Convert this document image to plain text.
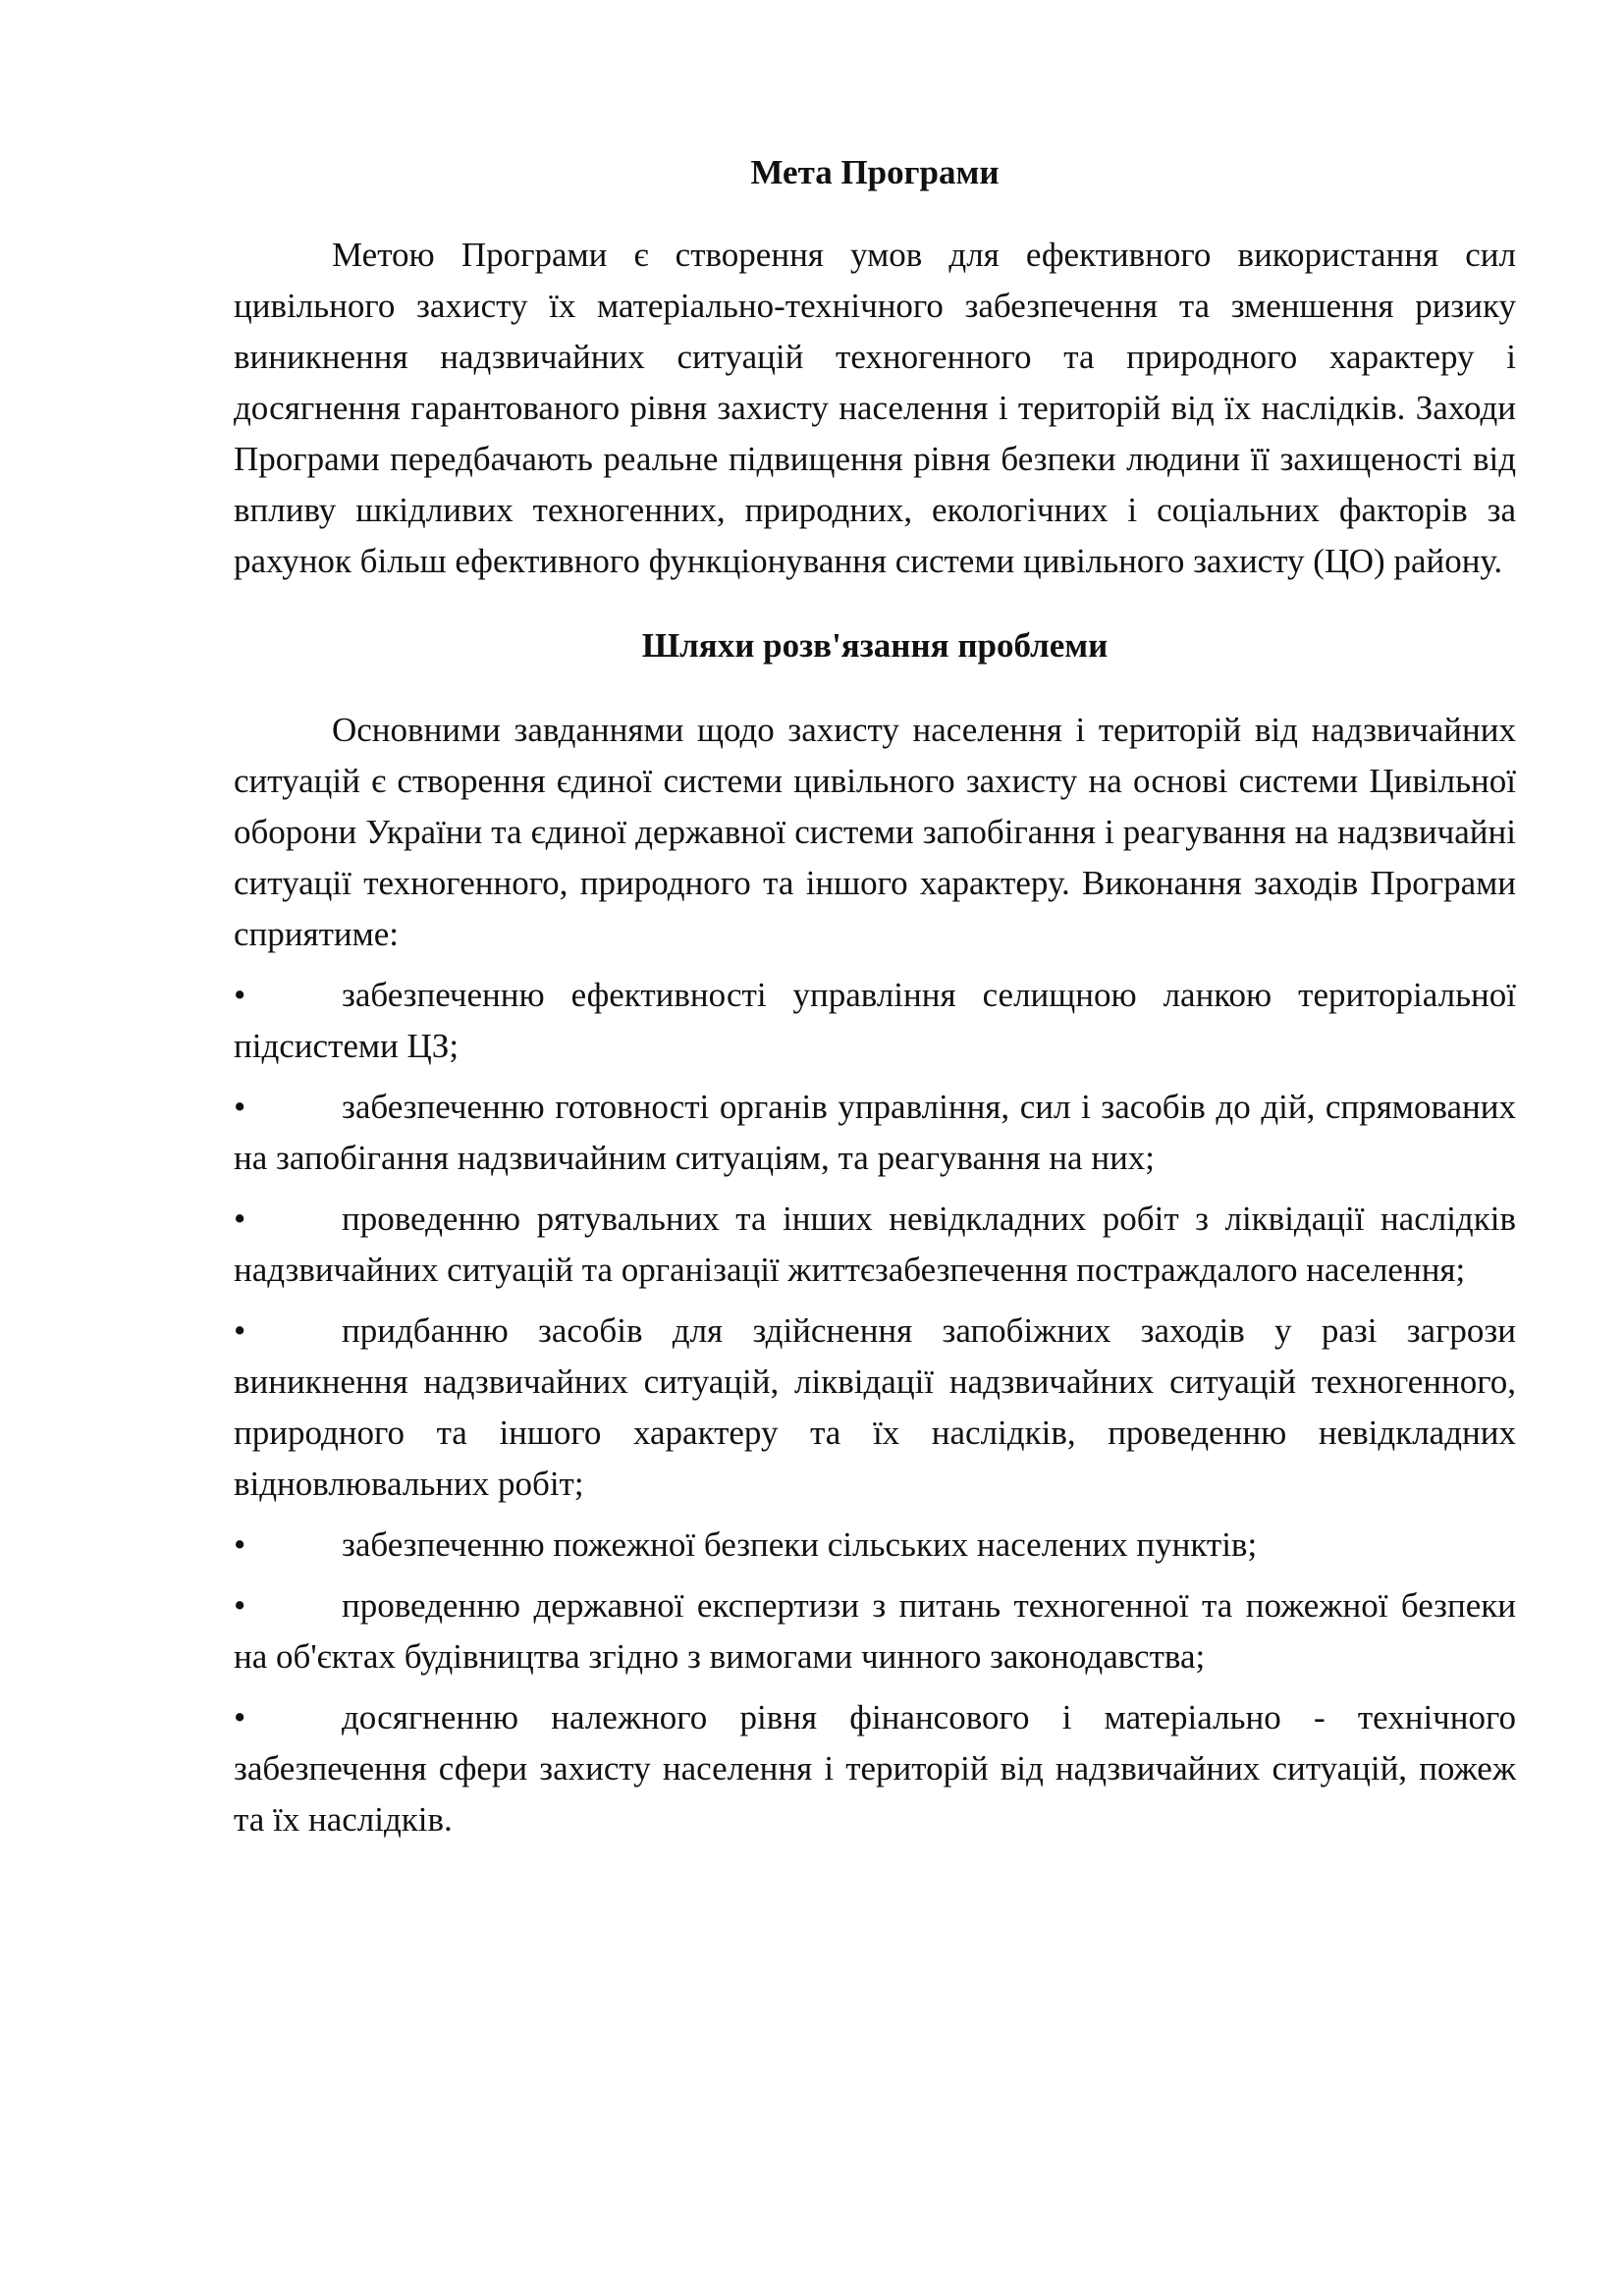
Мета Програми

Метою Програми є створення умов для ефективного використання сил цивільного захисту їх матеріально-технічного забезпечення та зменшення ризику виникнення надзвичайних ситуацій техногенного та природного характеру і досягнення гарантованого рівня захисту населення і територій від їх наслідків. Заходи Програми передбачають реальне підвищення рівня безпеки людини її захищеності від впливу шкідливих техногенних, природних, екологічних і соціальних факторів за рахунок більш ефективного функціонування системи цивільного захисту (ЦО) району.

Шляхи розв'язання проблеми

Основними завданнями щодо захисту населення і територій від надзвичайних ситуацій є створення єдиної системи цивільного захисту на основі системи Цивільної оборони України та єдиної державної системи запобігання і реагування на надзвичайні ситуації техногенного, природного та іншого характеру. Виконання заходів Програми сприятиме:

•	забезпеченню ефективності управління селищною ланкою територіальної підсистеми ЦЗ;
•	забезпеченню готовності органів управління, сил і засобів до дій, спрямованих на запобігання надзвичайним ситуаціям, та реагування на них;
•	проведенню рятувальних та інших невідкладних робіт з ліквідації наслідків надзвичайних ситуацій та організації життєзабезпечення постраждалого населення;
•	придбанню засобів для здійснення запобіжних заходів у разі загрози виникнення надзвичайних ситуацій, ліквідації надзвичайних ситуацій техногенного, природного та іншого характеру та їх наслідків, проведенню невідкладних відновлювальних робіт;
•	забезпеченню пожежної безпеки сільських населених пунктів;
•	проведенню державної експертизи з питань техногенної та пожежної безпеки на об'єктах будівництва згідно з вимогами чинного законодавства;
•	досягненню належного рівня фінансового і матеріально - технічного забезпечення сфери захисту населення і територій від надзвичайних ситуацій, пожеж та їх наслідків.
